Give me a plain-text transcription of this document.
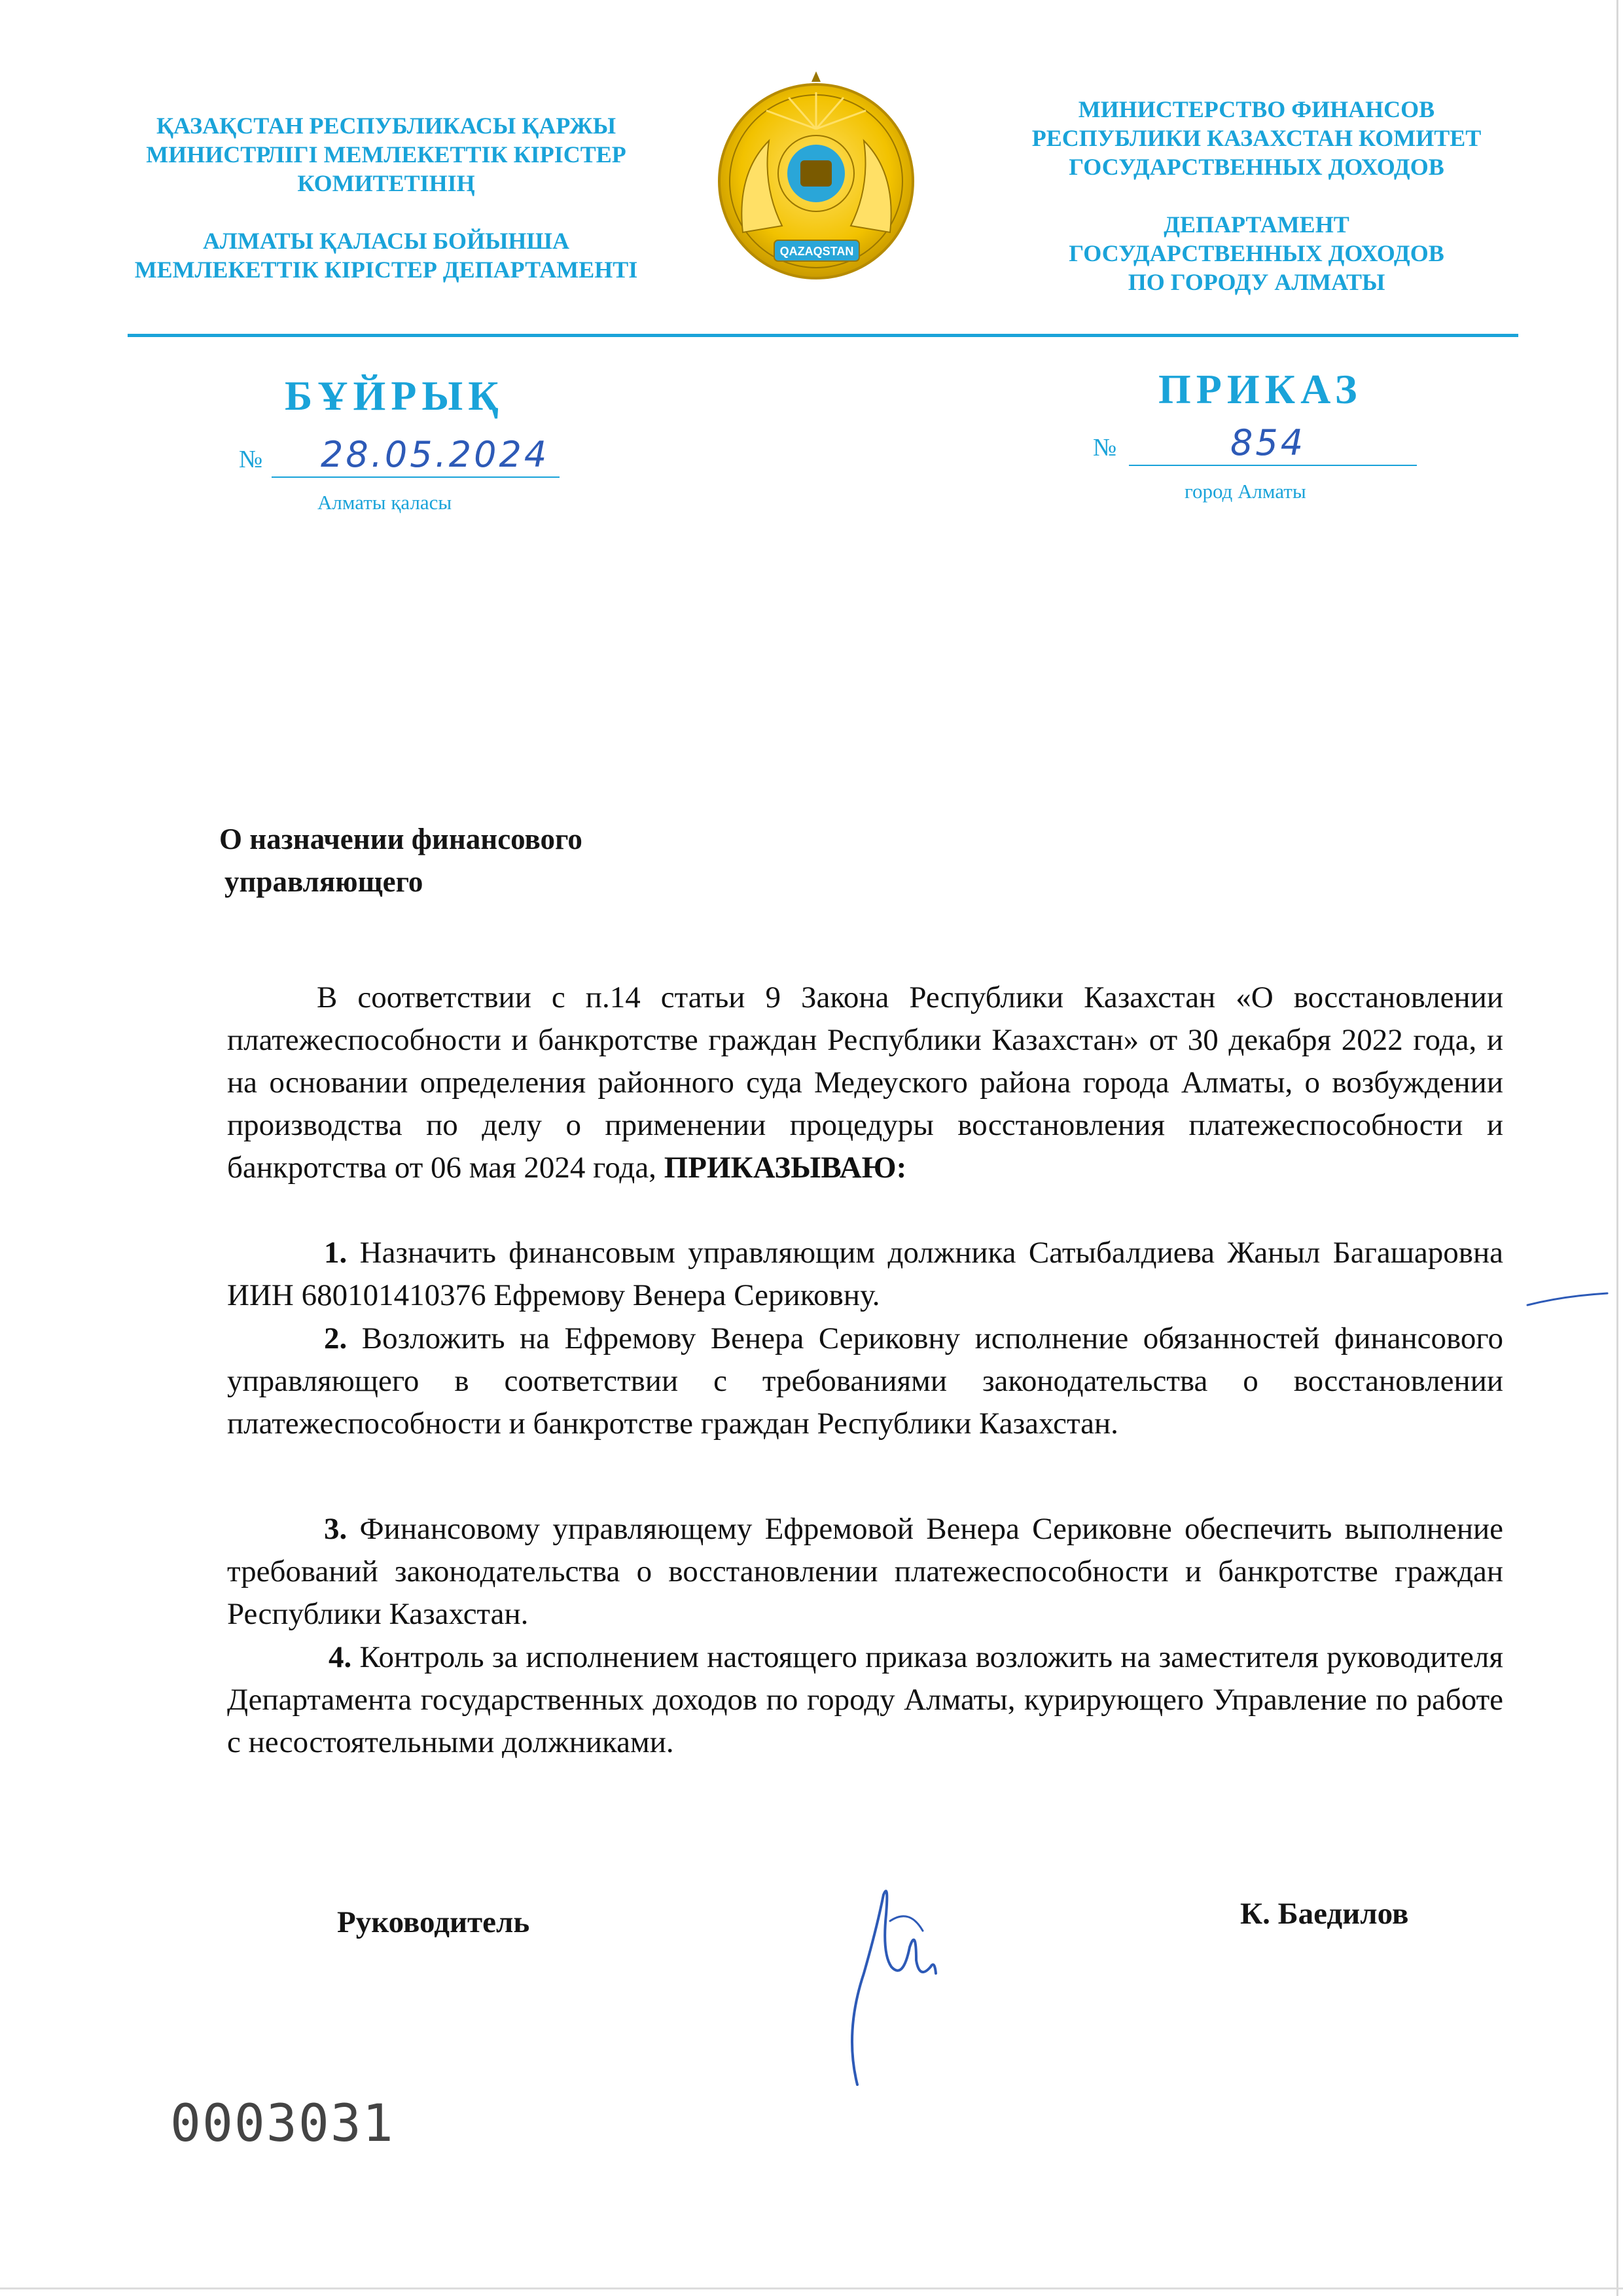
ҚАЗАҚСТАН РЕСПУБЛИКАСЫ ҚАРЖЫ
МИНИСТРЛІГІ МЕМЛЕКЕТТІК КІРІСТЕР
КОМИТЕТІНІҢ
АЛМАТЫ ҚАЛАСЫ БОЙЫНША
МЕМЛЕКЕТТІК КІРІСТЕР ДЕПАРТАМЕНТІ
QAZAQSTAN
МИНИСТЕРСТВО ФИНАНСОВ
РЕСПУБЛИКИ КАЗАХСТАН КОМИТЕТ
ГОСУДАРСТВЕННЫХ ДОХОДОВ
ДЕПАРТАМЕНТ
ГОСУДАРСТВЕННЫХ ДОХОДОВ
ПО ГОРОДУ АЛМАТЫ
БҰЙРЫҚ	ПРИКАЗ
№ 28.05.2024	№	854
Алматы қаласы	город Алматы
О назначении финансового
управляющего
В соответствии с п.14 статьи 9 Закона Республики Казахстан «О восстановлении платежеспособности и банкротстве граждан Республики Казахстан» от 30 декабря 2022 года, и на основании определения районного суда Медеуского района города Алматы, о возбуждении производства по делу о применении процедуры восстановления платежеспособности и банкротства от 06 мая 2024 года, ПРИКАЗЫВАЮ:
1. Назначить финансовым управляющим должника Сатыбалдиева Жаныл Багашаровна ИИН 680101410376 Ефремову Венера Сериковну.
2. Возложить на Ефремову Венера Сериковну исполнение обязанностей финансового управляющего в соответствии с требованиями законодательства о восстановлении платежеспособности и банкротстве граждан Республики Казахстан.
3. Финансовому управляющему Ефремовой Венера Сериковне обеспечить выполнение требований законодательства о восстановлении платежеспособности и банкротстве граждан Республики Казахстан.
4. Контроль за исполнением настоящего приказа возложить на заместителя руководителя Департамента государственных доходов по городу Алматы, курирующего Управление по работе с несостоятельными должниками.
Руководитель	К. Баедилов
0003031
